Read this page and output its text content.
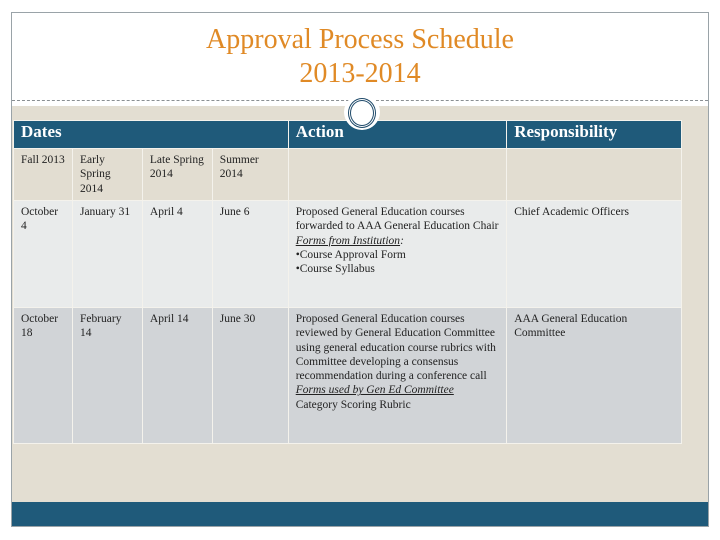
Approval Process Schedule
2013-2014
Dates				Action	Responsibility
Fall 2013	Early Spring 2014	Late Spring 2014	Summer 2014		
October 4	January 31	April 4	June 6	Proposed General Education courses forwarded to AAA General Education Chair
Forms from Institution:
•Course Approval Form
•Course Syllabus	Chief Academic Officers
October 18	February 14	April 14	June 30	Proposed General Education courses reviewed by General Education Committee using general education course rubrics with Committee developing a consensus recommendation during a conference call
Forms used by Gen Ed Committee
Category Scoring Rubric	AAA General Education Committee
